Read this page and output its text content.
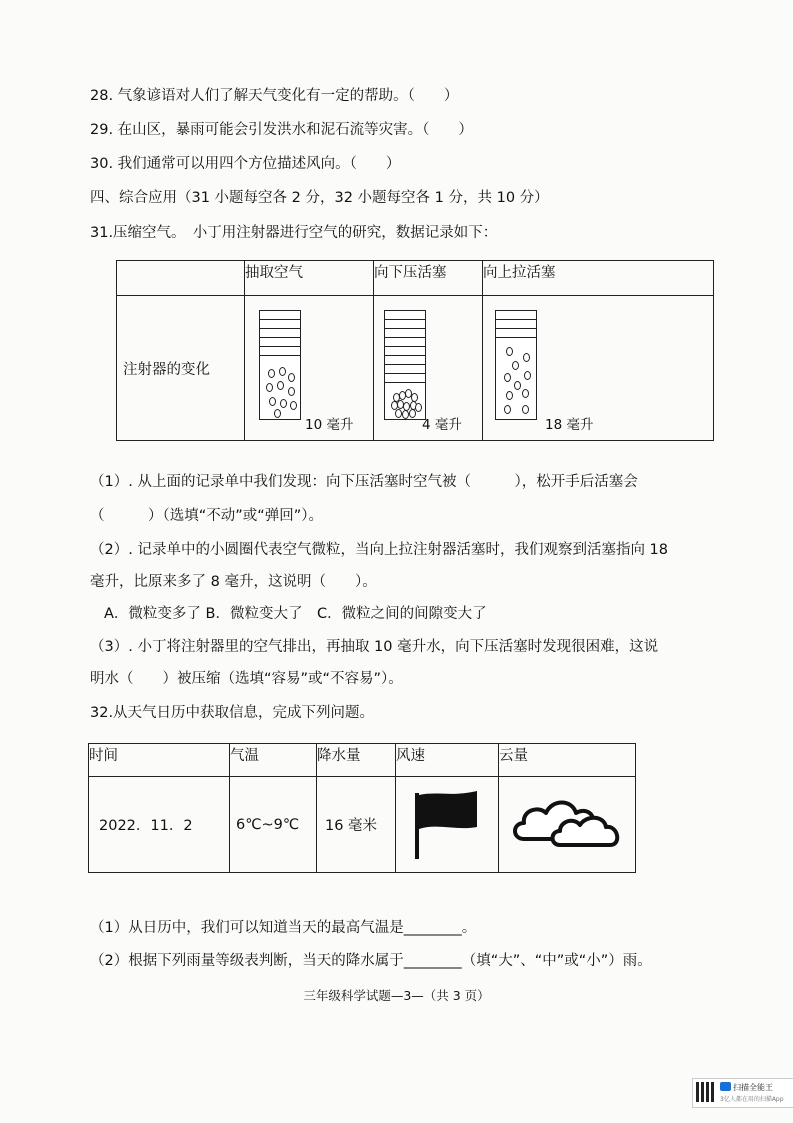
28. 气象谚语对人们了解天气变化有一定的帮助。（　　）
29. 在山区，暴雨可能会引发洪水和泥石流等灾害。（　　）
30. 我们通常可以用四个方位描述风向。（　　）
四、综合应用（31 小题每空各 2 分，32 小题每空各 1 分，共 10 分）
31.压缩空气。　小丁用注射器进行空气的研究，数据记录如下：
	抽取空气	向下压活塞	向上拉活塞
注射器的变化	10 毫升	4 毫升	18 毫升
（1）. 从上面的记录单中我们发现：向下压活塞时空气被（　　　），松开手后活塞会
（　　　）（选填“不动”或“弹回”）。
（2）. 记录单中的小圆圈代表空气微粒，当向上拉注射器活塞时，我们观察到活塞指向 18
毫升，比原来多了 8 毫升，这说明（　　）。
A．微粒变多了 B．微粒变大了　C．微粒之间的间隙变大了
（3）. 小丁将注射器里的空气排出，再抽取 10 毫升水，向下压活塞时发现很困难，这说
明水（　　）被压缩（选填“容易”或“不容易”）。
32.从天气日历中获取信息，完成下列问题。
时间	气温	降水量	风速	云量
2022．11．2	6℃~9℃	16 毫米		
（1）从日历中，我们可以知道当天的最高气温是________。
（2）根据下列雨量等级表判断，当天的降水属于________（填“大”、“中”或“小”）雨。
三年级科学试题—3—（共 3 页）
扫描全能王
3亿人都在用的扫描App
